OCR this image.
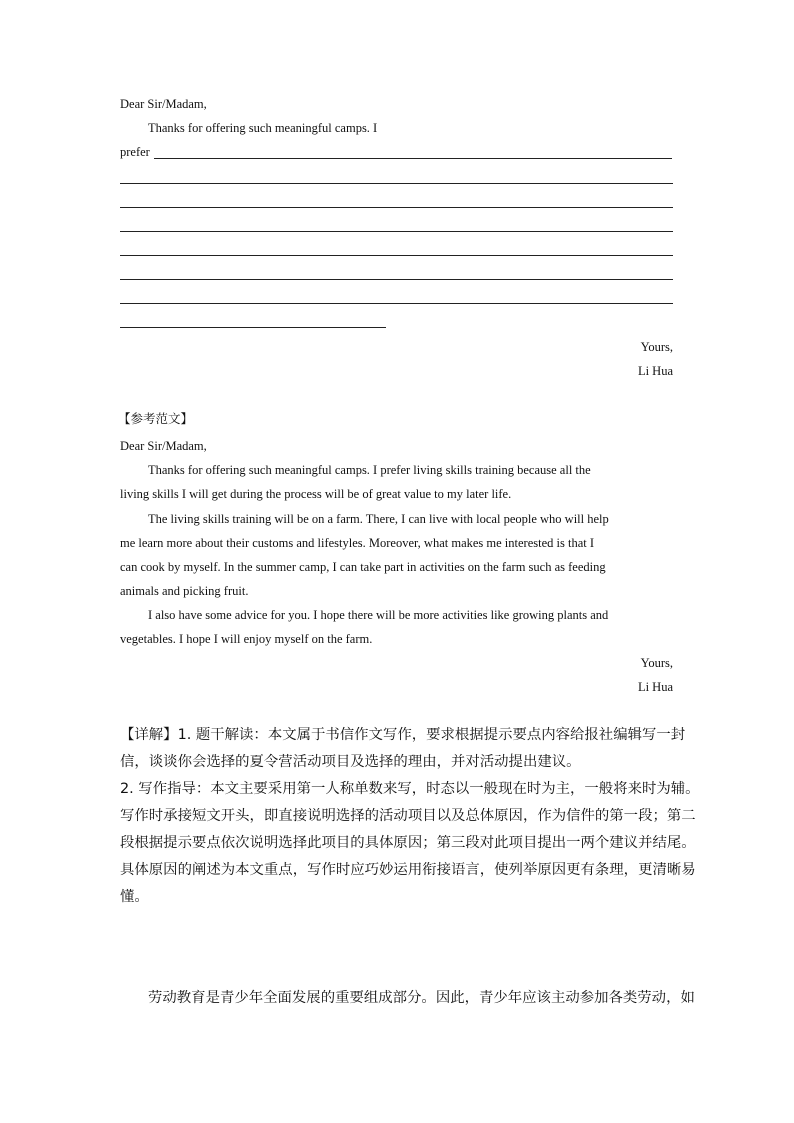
Dear Sir/Madam,
Thanks for offering such meaningful camps. I
prefer
Yours,
Li Hua
【参考范文】
Dear Sir/Madam,
Thanks for offering such meaningful camps. I prefer living skills training because all the
living skills I will get during the process will be of great value to my later life.
The living skills training will be on a farm. There, I can live with local people who will help
me learn more about their customs and lifestyles. Moreover, what makes me interested is that I
can cook by myself. In the summer camp, I can take part in activities on the farm such as feeding
animals and picking fruit.
I also have some advice for you. I hope there will be more activities like growing plants and
vegetables. I hope I will enjoy myself on the farm.
Yours,
Li Hua
【详解】1. 题干解读：本文属于书信作文写作，要求根据提示要点内容给报社编辑写一封
信，谈谈你会选择的夏令营活动项目及选择的理由，并对活动提出建议。
2. 写作指导：本文主要采用第一人称单数来写，时态以一般现在时为主，一般将来时为辅。
写作时承接短文开头，即直接说明选择的活动项目以及总体原因，作为信件的第一段；第二
段根据提示要点依次说明选择此项目的具体原因；第三段对此项目提出一两个建议并结尾。
具体原因的阐述为本文重点，写作时应巧妙运用衔接语言，使列举原因更有条理，更清晰易
懂。
劳动教育是青少年全面发展的重要组成部分。因此，青少年应该主动参加各类劳动，如
